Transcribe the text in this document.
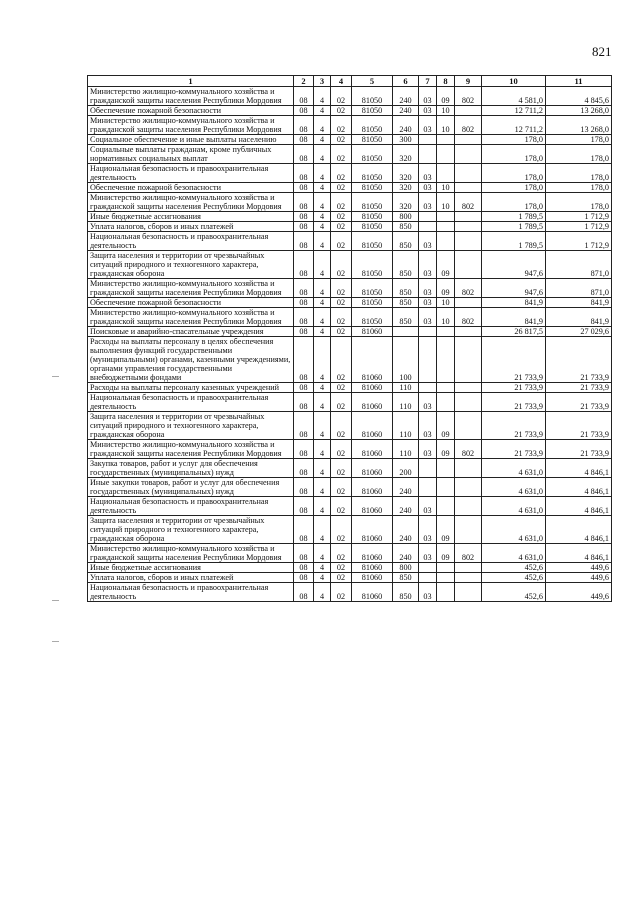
821
1	2	3	4	5	6	7	8	9	10	11
Министерство жилищно-коммунального хозяйства и гражданской защиты населения Республики Мордовия	08	4	02	81050	240	03	09	802	4 581,0	4 845,6
Обеспечение пожарной безопасности	08	4	02	81050	240	03	10		12 711,2	13 268,0
Министерство жилищно-коммунального хозяйства и гражданской защиты населения Республики Мордовия	08	4	02	81050	240	03	10	802	12 711,2	13 268,0
Социальное обеспечение и иные выплаты населению	08	4	02	81050	300				178,0	178,0
Социальные выплаты гражданам, кроме публичных нормативных социальных выплат	08	4	02	81050	320				178,0	178,0
Национальная безопасность и правоохранительная деятельность	08	4	02	81050	320	03			178,0	178,0
Обеспечение пожарной безопасности	08	4	02	81050	320	03	10		178,0	178,0
Министерство жилищно-коммунального хозяйства и гражданской защиты населения Республики Мордовия	08	4	02	81050	320	03	10	802	178,0	178,0
Иные бюджетные ассигнования	08	4	02	81050	800				1 789,5	1 712,9
Уплата налогов, сборов и иных платежей	08	4	02	81050	850				1 789,5	1 712,9
Национальная безопасность и правоохранительная деятельность	08	4	02	81050	850	03			1 789,5	1 712,9
Защита населения и территории от чрезвычайных ситуаций природного и техногенного характера, гражданская оборона	08	4	02	81050	850	03	09		947,6	871,0
Министерство жилищно-коммунального хозяйства и гражданской защиты населения Республики Мордовия	08	4	02	81050	850	03	09	802	947,6	871,0
Обеспечение пожарной безопасности	08	4	02	81050	850	03	10		841,9	841,9
Министерство жилищно-коммунального хозяйства и гражданской защиты населения Республики Мордовия	08	4	02	81050	850	03	10	802	841,9	841,9
Поисковые и аварийно-спасательные учреждения	08	4	02	81060					26 817,5	27 029,6
Расходы на выплаты персоналу в целях обеспечения выполнения функций государственными (муниципальными) органами, казенными учреждениями, органами управления государственными внебюджетными фондами	08	4	02	81060	100				21 733,9	21 733,9
Расходы на выплаты персоналу казенных учреждений	08	4	02	81060	110				21 733,9	21 733,9
Национальная безопасность и правоохранительная деятельность	08	4	02	81060	110	03			21 733,9	21 733,9
Защита населения и территории от чрезвычайных ситуаций природного и техногенного характера, гражданская оборона	08	4	02	81060	110	03	09		21 733,9	21 733,9
Министерство жилищно-коммунального хозяйства и гражданской защиты населения Республики Мордовия	08	4	02	81060	110	03	09	802	21 733,9	21 733,9
Закупка товаров, работ и услуг для обеспечения государственных (муниципальных) нужд	08	4	02	81060	200				4 631,0	4 846,1
Иные закупки товаров, работ и услуг для обеспечения государственных (муниципальных) нужд	08	4	02	81060	240				4 631,0	4 846,1
Национальная безопасность и правоохранительная деятельность	08	4	02	81060	240	03			4 631,0	4 846,1
Защита населения и территории от чрезвычайных ситуаций природного и техногенного характера, гражданская оборона	08	4	02	81060	240	03	09		4 631,0	4 846,1
Министерство жилищно-коммунального хозяйства и гражданской защиты населения Республики Мордовия	08	4	02	81060	240	03	09	802	4 631,0	4 846,1
Иные бюджетные ассигнования	08	4	02	81060	800				452,6	449,6
Уплата налогов, сборов и иных платежей	08	4	02	81060	850				452,6	449,6
Национальная безопасность и правоохранительная деятельность	08	4	02	81060	850	03			452,6	449,6
